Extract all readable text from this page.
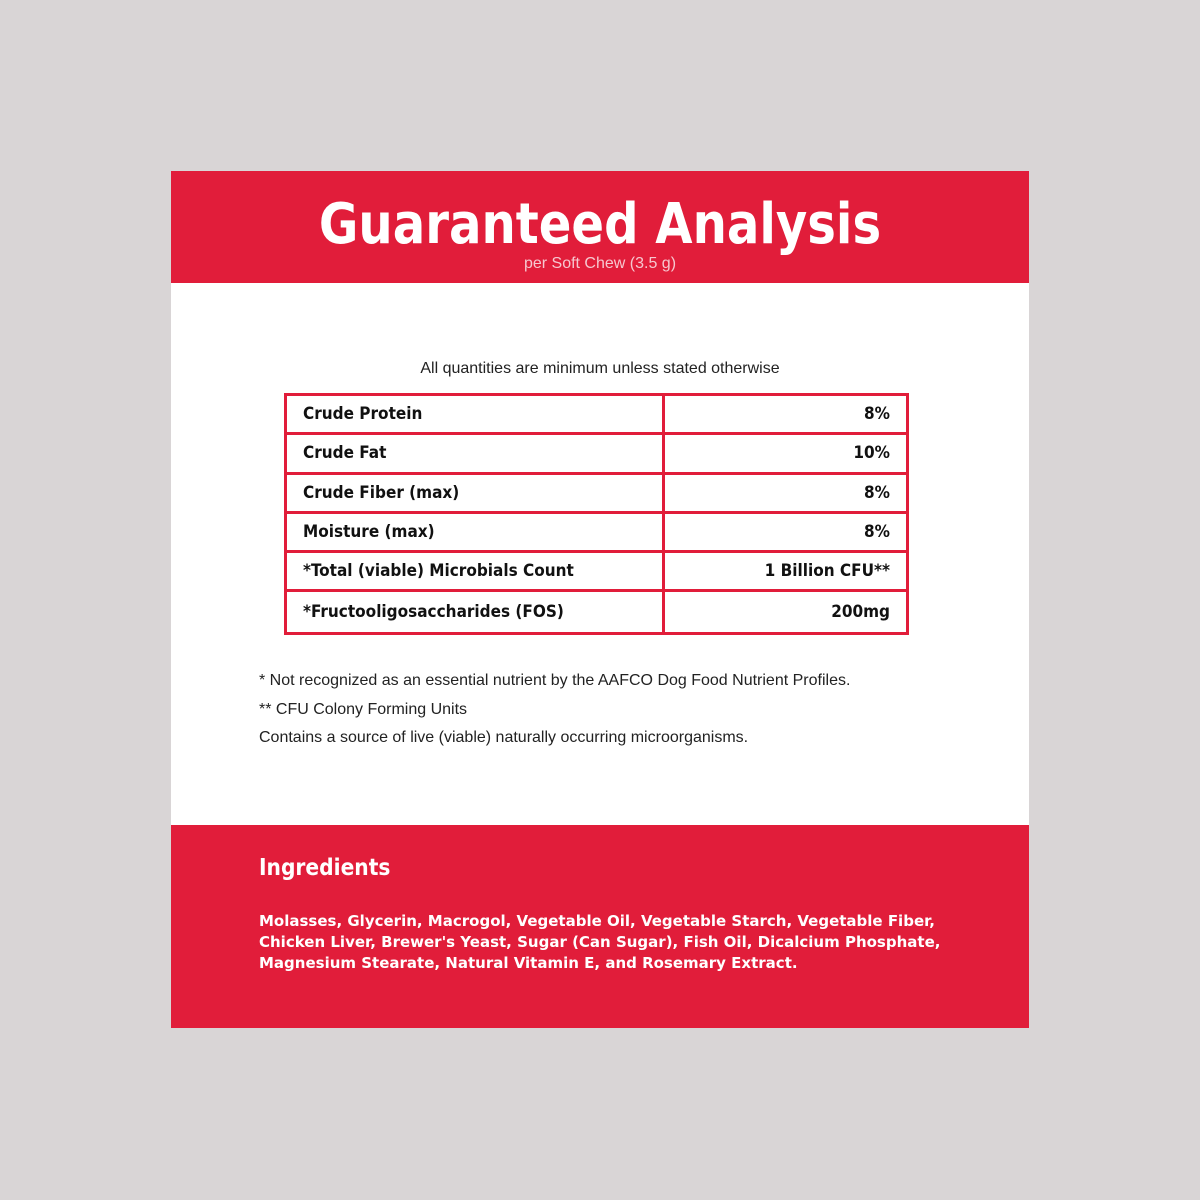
Guaranteed Analysis
per Soft Chew (3.5 g)
All quantities are minimum unless stated otherwise
Crude Protein	8%
Crude Fat	10%
Crude Fiber (max)	8%
Moisture (max)	8%
*Total (viable) Microbials Count	1 Billion CFU**
*Fructooligosaccharides (FOS)	200mg
* Not recognized as an essential nutrient by the AAFCO Dog Food Nutrient Profiles.
** CFU Colony Forming Units
Contains a source of live (viable) naturally occurring microorganisms.
Ingredients
Molasses, Glycerin, Macrogol, Vegetable Oil, Vegetable Starch, Vegetable Fiber, Chicken Liver, Brewer's Yeast, Sugar (Can Sugar), Fish Oil, Dicalcium Phosphate, Magnesium Stearate, Natural Vitamin E, and Rosemary Extract.
